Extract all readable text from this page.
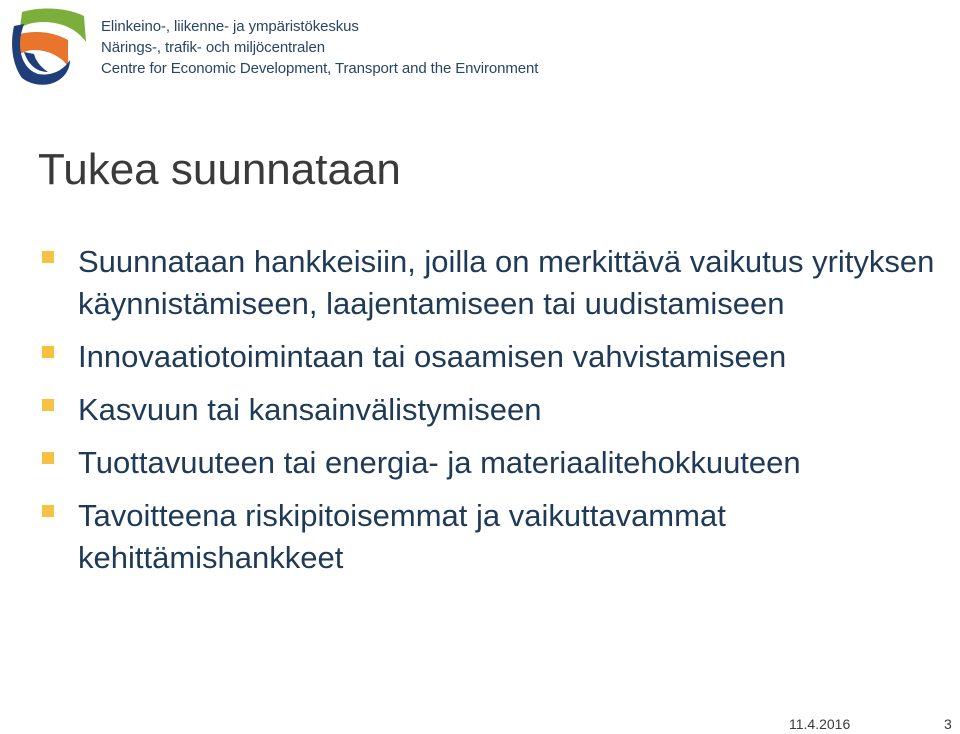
Elinkeino-, liikenne- ja ympäristökeskus
Närings-, trafik- och miljöcentralen
Centre for Economic Development, Transport and the Environment
Tukea suunnataan
Suunnataan hankkeisiin, joilla on merkittävä vaikutus yrityksen käynnistämiseen, laajentamiseen tai uudistamiseen
Innovaatiotoimintaan tai osaamisen vahvistamiseen
Kasvuun tai kansainvälistymiseen
Tuottavuuteen tai energia- ja materiaalitehokkuuteen
Tavoitteena riskipitoisemmat ja vaikuttavammat kehittämishankkeet
11.4.2016	3
